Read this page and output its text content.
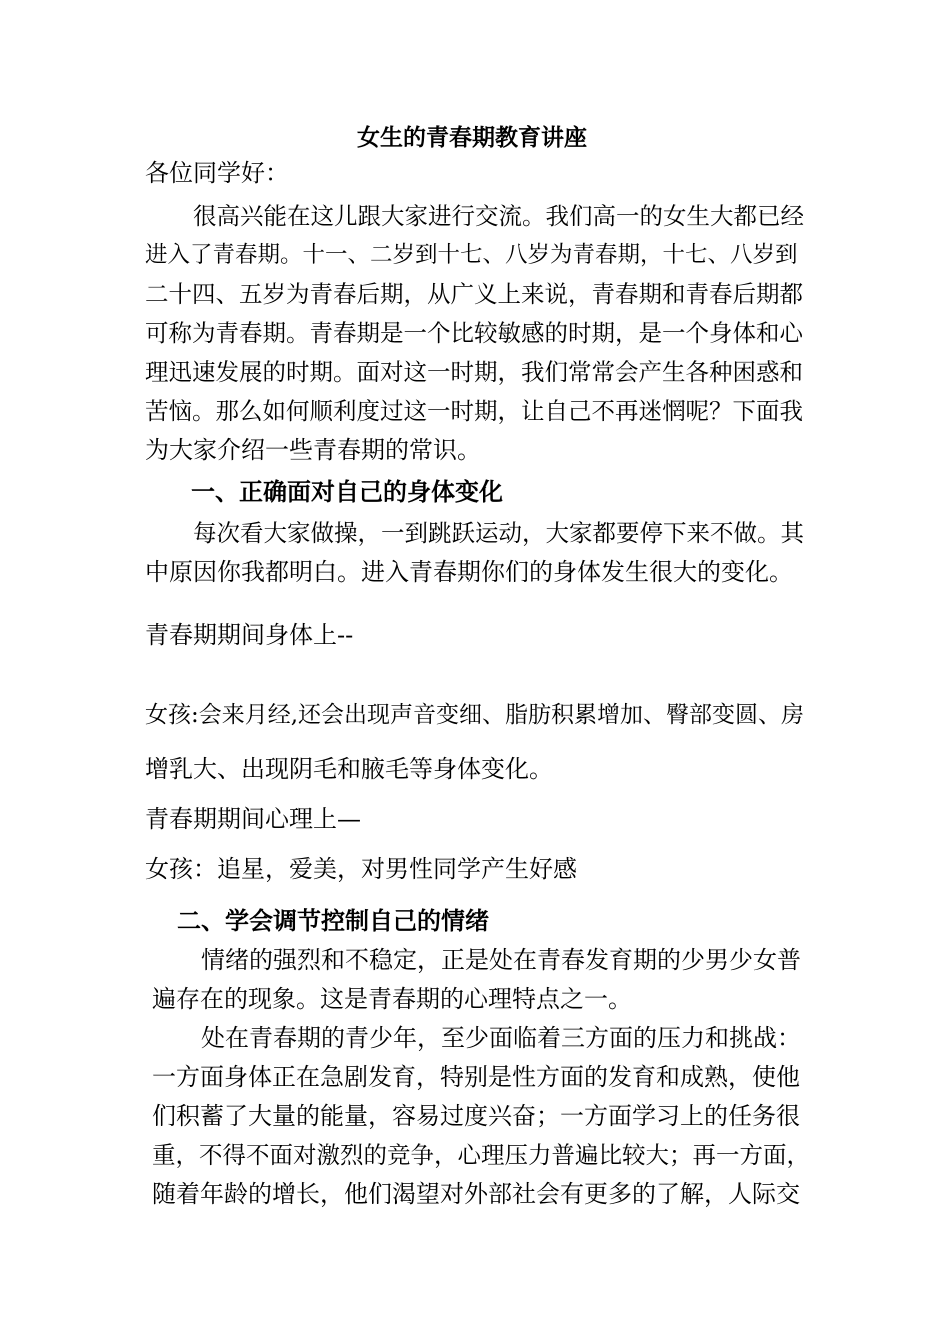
女生的青春期教育讲座
各位同学好：
很高兴能在这儿跟大家进行交流。我们高一的女生大都已经
进入了青春期。十一、二岁到十七、八岁为青春期，十七、八岁到
二十四、五岁为青春后期，从广义上来说，青春期和青春后期都
可称为青春期。青春期是一个比较敏感的时期，是一个身体和心
理迅速发展的时期。面对这一时期，我们常常会产生各种困惑和
苦恼。那么如何顺利度过这一时期，让自己不再迷惘呢？下面我
为大家介绍一些青春期的常识。
一、正确面对自己的身体变化
每次看大家做操，一到跳跃运动，大家都要停下来不做。其
中原因你我都明白。进入青春期你们的身体发生很大的变化。
青春期期间身体上--
女孩:会来月经,还会出现声音变细、脂肪积累增加、臀部变圆、房
增乳大、出现阴毛和腋毛等身体变化。
青春期期间心理上—
女孩：追星，爱美，对男性同学产生好感
二、学会调节控制自己的情绪
情绪的强烈和不稳定，正是处在青春发育期的少男少女普
遍存在的现象。这是青春期的心理特点之一。
处在青春期的青少年，至少面临着三方面的压力和挑战：
一方面身体正在急剧发育，特别是性方面的发育和成熟，使他
们积蓄了大量的能量，容易过度兴奋；一方面学习上的任务很
重，不得不面对激烈的竞争，心理压力普遍比较大；再一方面，
随着年龄的增长，他们渴望对外部社会有更多的了解，人际交
